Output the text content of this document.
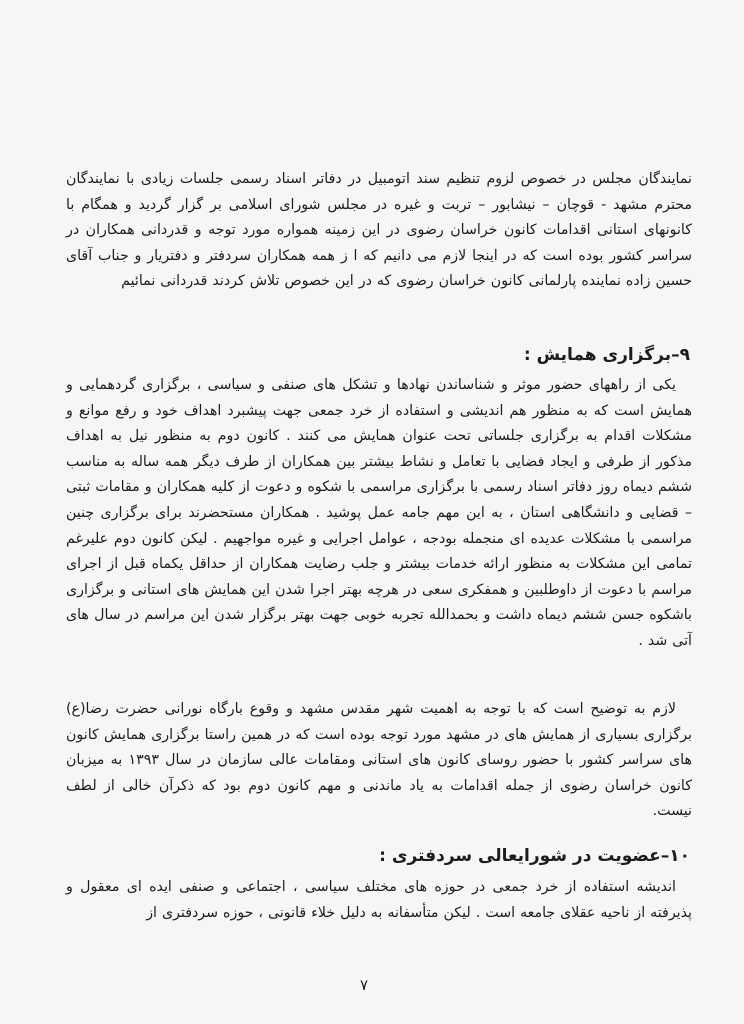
نمایندگان مجلس در خصوص لزوم تنظیم سند اتومبیل در دفاتر اسناد رسمی جلسات زیادی با نمایندگان محترم مشهد - قوچان – نیشابور – تربت و غیره در مجلس شورای اسلامی بر گزار گردید و همگام با کانونهای استانی اقدامات کانون خراسان رضوی در این زمینه همواره مورد توجه و قدردانی همکاران در سراسر کشور بوده است که در اینجا لازم می دانیم که ا ز همه همکاران سردفتر و دفتریار و جناب آقای حسین زاده نماینده پارلمانی کانون خراسان رضوی که در این خصوص تلاش کردند قدردانی نمائیم

۹–برگزاری همایش :

یکی از راههای حضور موثر و شناساندن نهادها و تشکل های صنفی و سیاسی ، برگزاری گردهمایی و همایش است که به منظور هم اندیشی و استفاده از خرد جمعی جهت پیشبرد اهداف خود و رفع موانع و مشکلات اقدام به برگزاری جلساتی تحت عنوان همایش می کنند . کانون دوم به منظور نیل به اهداف مذکور از طرفی و ایجاد فضایی با تعامل و نشاط بیشتر بین همکاران از طرف دیگر همه ساله به مناسب ششم دیماه روز دفاتر اسناد رسمی با برگزاری مراسمی با شکوه و دعوت از کلیه همکاران و مقامات ثبتی – قضایی و دانشگاهی استان ، به این مهم جامه عمل پوشید . همکاران مستحضرند برای برگزاری چنین مراسمی با مشکلات عدیده ای منجمله بودجه ، عوامل اجرایی و غیره مواجهیم . لیکن کانون دوم علیرغم تمامی این مشکلات به منظور ارائه خدمات بیشتر و جلب رضایت همکاران از حداقل یکماه قبل از اجرای مراسم با دعوت از داوطلبین و همفکری سعی در هرچه بهتر اجرا شدن این همایش های استانی و برگزاری باشکوه جسن ششم دیماه داشت و بحمدالله تجربه خوبی جهت بهتر برگزار شدن این مراسم در سال های آتی شد .

لازم به توضیح است که با توجه به اهمیت شهر مقدس مشهد و وقوع بارگاه نورانی حضرت رضا(ع) برگزاری بسیاری از همایش های در مشهد مورد توجه بوده است که در همین راستا برگزاری همایش کانون های سراسر کشور با حضور روسای کانون های استانی ومقامات عالی سازمان در سال ۱۳۹۳ به میزبان کانون خراسان رضوی از جمله اقدامات به یاد ماندنی و مهم کانون دوم بود که ذکرآن خالی از لطف نیست.

۱۰–عضویت در شورایعالی سردفتری :

اندیشه استفاده از خرد جمعی در حوزه های مختلف سیاسی ، اجتماعی و صنفی ایده ای معقول و پذیرفته از ناحیه عقلای جامعه است . لیکن متأسفانه به دلیل خلاء قانونی ، حوزه سردفتری از

۷
